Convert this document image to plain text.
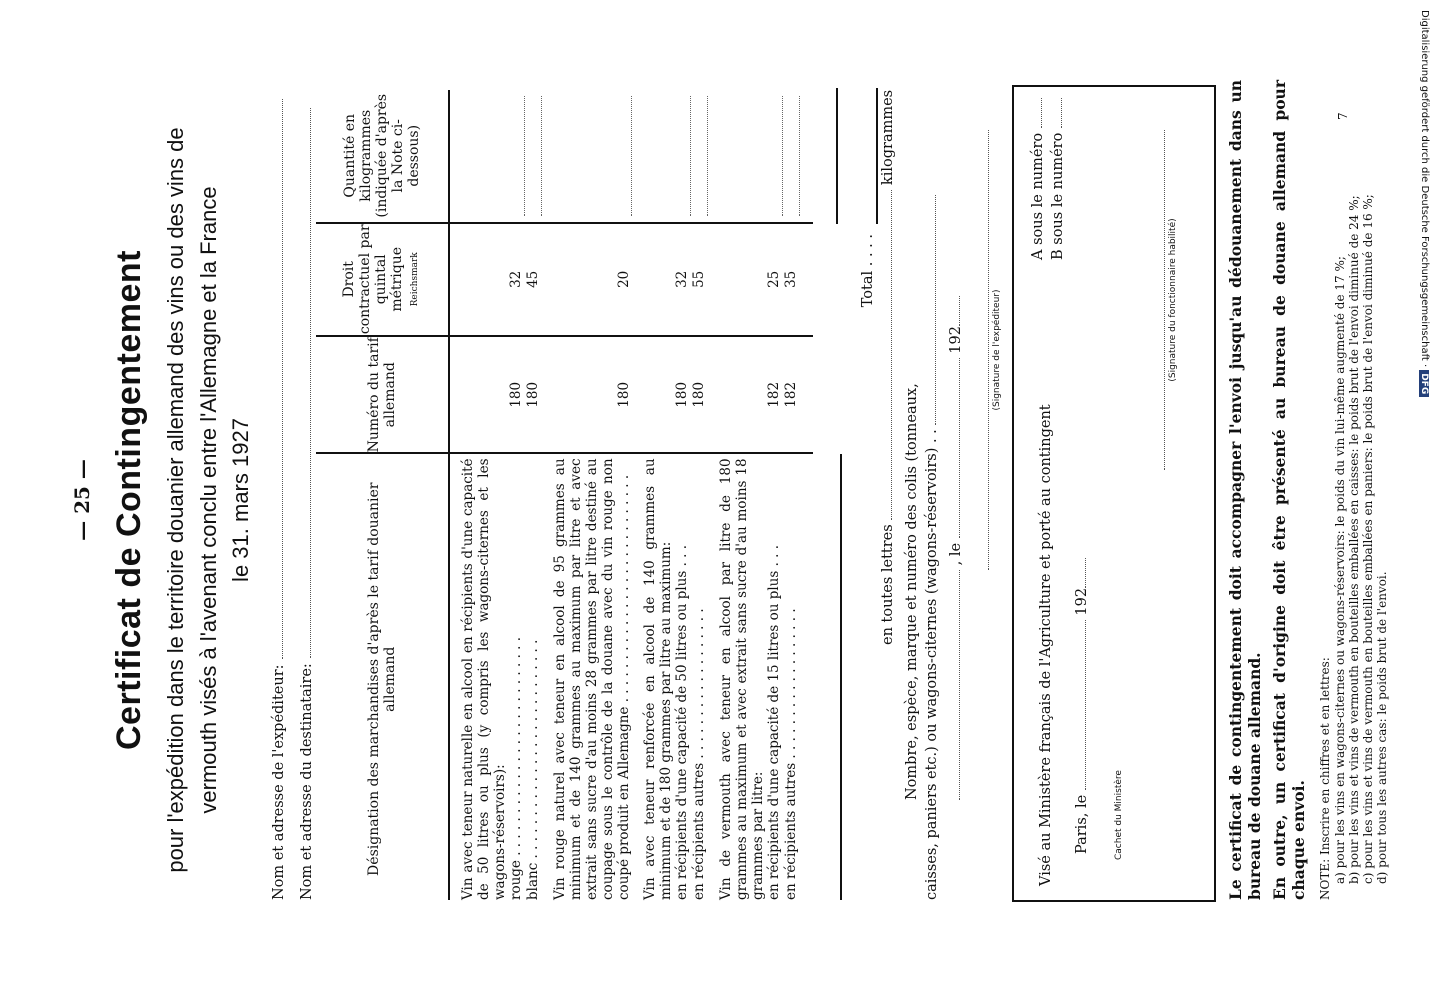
— 25 — Certificat de Contingentement pour l'expédition dans le territoire douanier allemand des vins ou des vins de vermouth visés à l'avenant conclu entre l'Allemagne et la France le 31. mars 1927
Nom et adresse de l'expéditeur: Nom et adresse du destinataire:	Désignation des marchandises d'après le tarif douanier allemand	Numéro du tarif allemand	Droit contractuel par quintal métrique Reichsmark	Quantité en kilogrammes (indiquée d'après la Note ci-dessous)

Vin avec teneur naturelle en alcool en récipients d'une capacité de 50 litres ou plus (y compris les wagons-citernes et les wagons-réservoirs):			
rouge . . . . . . . . . . . . . . . . . . . . . . . . . .	180	32	

blanc . . . . . . . . . . . . . . . . . . . . . . . . . .	180	45	

Vin rouge naturel avec teneur en alcool de 95 grammes au minimum et de 140 grammes au maximum par litre et avec extrait sans sucre d'au moins 28 grammes par litre destiné au coupage sous le contrôle de la douane avec du vin rouge non coupé produit en Allemagne . . . . . . . . . . . . . . . . . . . . . . . . . . .	180	20	

Vin avec teneur renforcée en alcool de 140 grammes au minimum et de 180 grammes par litre au maximum:			
en récipients d'une capacité de 50 litres ou plus . . .	180	32	

en récipients autres . . . . . . . . . . . . . . . . . .	180	55	

Vin de vermouth avec teneur en alcool par litre de 180 grammes au maximum et avec extrait sans sucre d'au moins 18 grammes par litre:			
en récipients d'une capacité de 15 litres ou plus . . .	182	25	

en récipients autres . . . . . . . . . . . . . . . . . .	182	35		Total . . . .
en toutes lettres  kilogrammes
Nombre, espèce, marque et numéro des colis (tonneaux, caisses, paniers etc.) ou wagons-citernes (wagons-réservoirs) . . , le  192	(Signature de l'expéditeur)
Visé au Ministère français de l'Agriculture et porté au contingent
A sous le numéro B sous le numéro
Paris, le  192
Cachet du Ministère
(Signature du fonctionnaire habilité)	Le certificat de contingentement doit accompagner l'envoi jusqu'au dédouanement dans un bureau de douane allemand. En outre, un certificat d'origine doit être présenté au bureau de douane allemand pour chaque envoi. NOTE: Inscrire en chiffres et en lettres: a) pour les vins en wagons-citernes ou wagons-réservoirs: le poids du vin lui-même augmenté de 17 %; b) pour les vins et vins de vermouth en bouteilles emballées en caisses: le poids brut de l'envoi diminué de 24 %; c) pour les vins et vins de vermouth en bouteilles emballées en paniers: le poids brut de l'envoi diminué de 16 %; d) pour tous les autres cas: le poids brut de l'envoi.
7	Digitalisierung gefördert durch die Deutsche Forschungsgemeinschaft ·DFG
